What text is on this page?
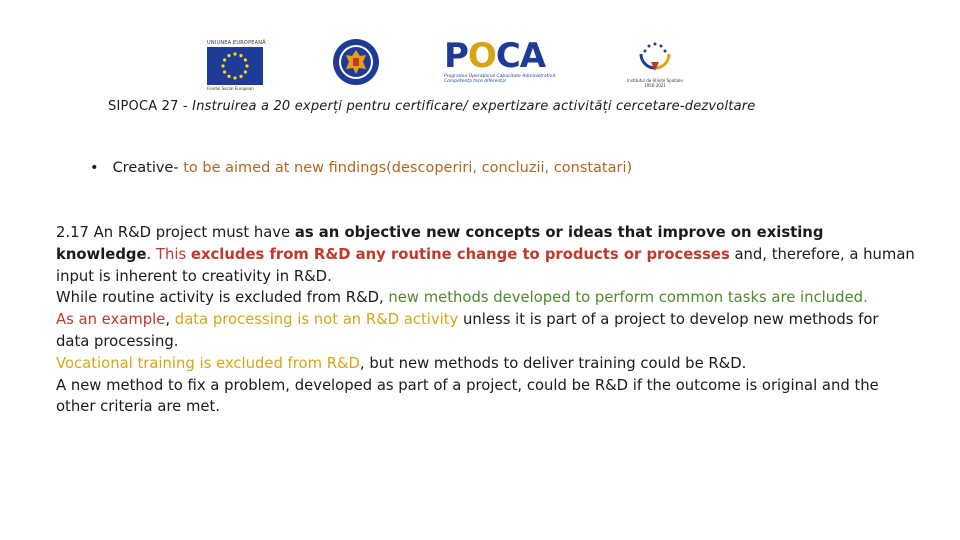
UNIUNEA EUROPEANĂ
Fondul Social European
POCA
Programul Operațional Capacitate Administrativă
Competența face diferența!	Institutul de Științe Spațiale
1956-2021
SIPOCA 27 - Instruirea a 20 experți pentru certificare/ expertizare activități cercetare-dezvoltare
• Creative- to be aimed at new findings(descoperiri, concluzii, constatari)

2.17 An R&D project must have as an objective new concepts or ideas that improve on existing knowledge. This excludes from R&D any routine change to products or processes and, therefore, a human input is inherent to creativity in R&D.

While routine activity is excluded from R&D, new methods developed to perform common tasks are included.

As an example, data processing is not an R&D activity unless it is part of a project to develop new methods for data processing.

Vocational training is excluded from R&D, but new methods to deliver training could be R&D.

A new method to fix a problem, developed as part of a project, could be R&D if the outcome is original and the other criteria are met.
